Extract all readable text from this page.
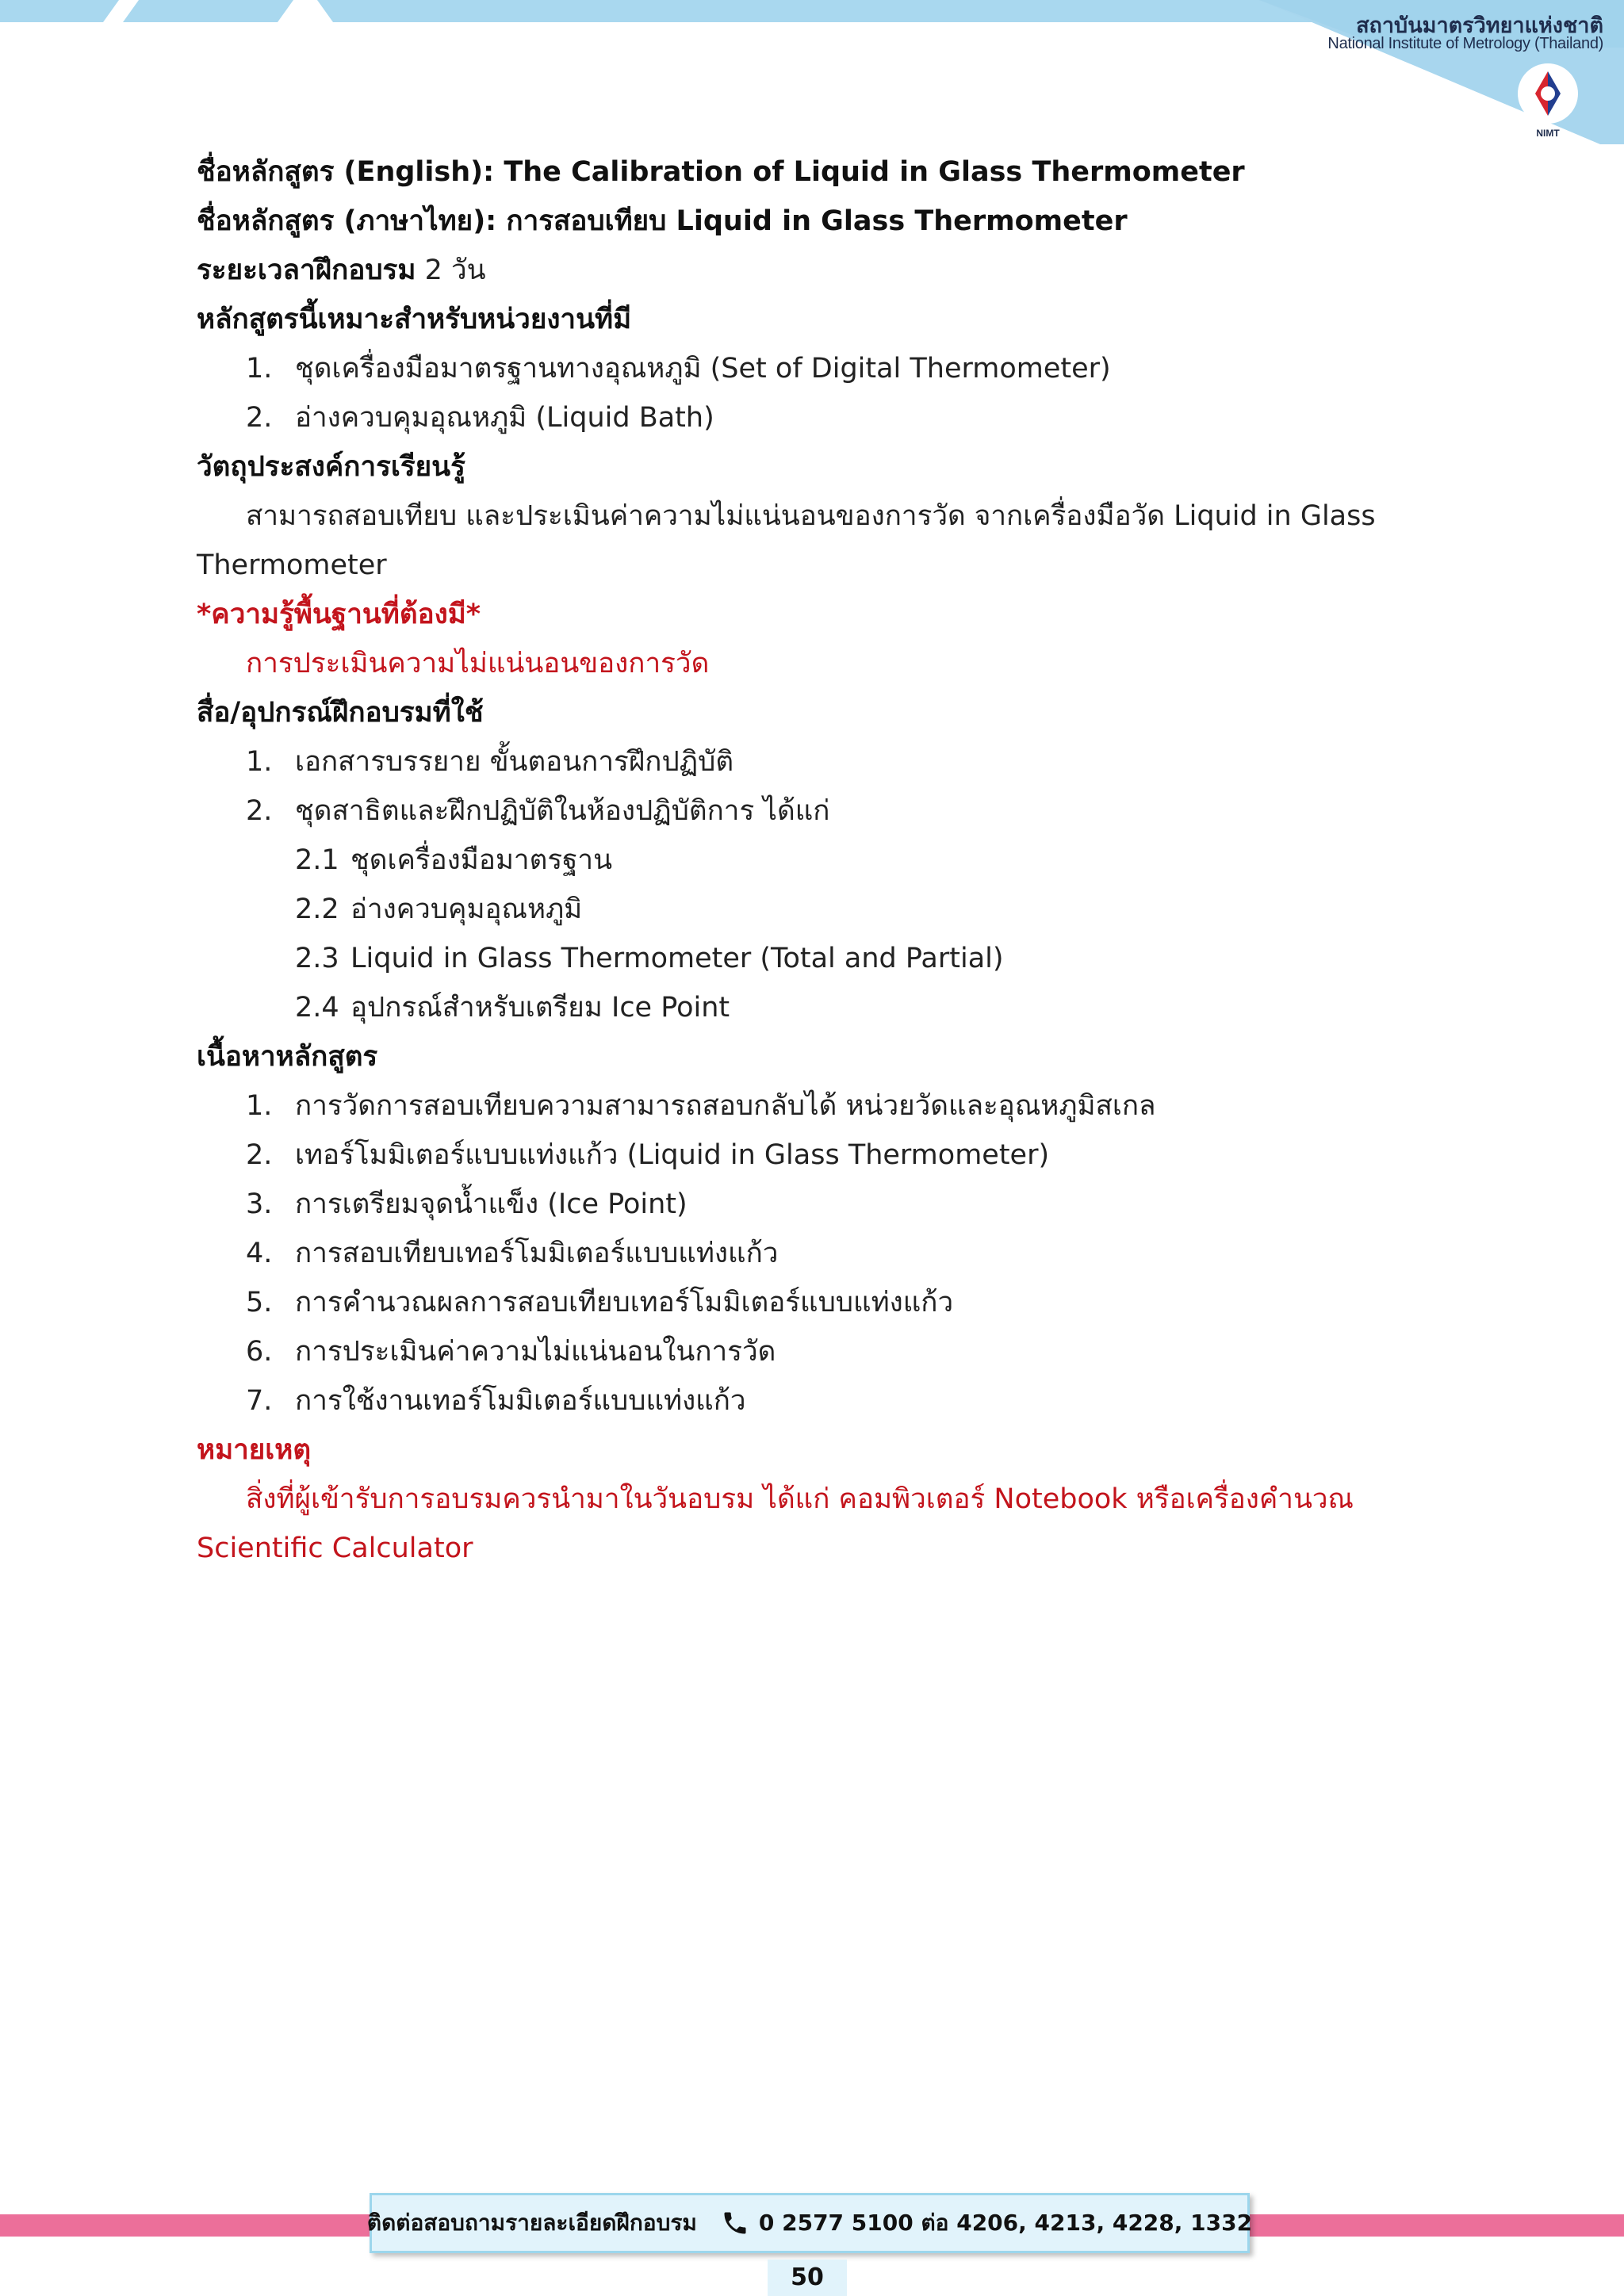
สถาบันมาตรวิทยาแห่งชาติ
National Institute of Metrology (Thailand)
NIMT
ชื่อหลักสูตร (English): The Calibration of Liquid in Glass Thermometer
ชื่อหลักสูตร (ภาษาไทย): การสอบเทียบ Liquid in Glass Thermometer
ระยะเวลาฝึกอบรม 2 วัน
หลักสูตรนี้เหมาะสำหรับหน่วยงานที่มี
1. ชุดเครื่องมือมาตรฐานทางอุณหภูมิ (Set of Digital Thermometer)
2. อ่างควบคุมอุณหภูมิ (Liquid Bath)
วัตถุประสงค์การเรียนรู้
สามารถสอบเทียบ และประเมินค่าความไม่แน่นอนของการวัด จากเครื่องมือวัด Liquid in Glass
Thermometer
*ความรู้พื้นฐานที่ต้องมี*
การประเมินความไม่แน่นอนของการวัด
สื่อ/อุปกรณ์ฝึกอบรมที่ใช้
1. เอกสารบรรยาย ขั้นตอนการฝึกปฏิบัติ
2. ชุดสาธิตและฝึกปฏิบัติในห้องปฏิบัติการ ได้แก่
2.1 ชุดเครื่องมือมาตรฐาน
2.2 อ่างควบคุมอุณหภูมิ
2.3 Liquid in Glass Thermometer (Total and Partial)
2.4 อุปกรณ์สำหรับเตรียม Ice Point
เนื้อหาหลักสูตร
1. การวัดการสอบเทียบความสามารถสอบกลับได้ หน่วยวัดและอุณหภูมิสเกล
2. เทอร์โมมิเตอร์แบบแท่งแก้ว (Liquid in Glass Thermometer)
3. การเตรียมจุดน้ำแข็ง (Ice Point)
4. การสอบเทียบเทอร์โมมิเตอร์แบบแท่งแก้ว
5. การคำนวณผลการสอบเทียบเทอร์โมมิเตอร์แบบแท่งแก้ว
6. การประเมินค่าความไม่แน่นอนในการวัด
7. การใช้งานเทอร์โมมิเตอร์แบบแท่งแก้ว
หมายเหตุ
สิ่งที่ผู้เข้ารับการอบรมควรนำมาในวันอบรม ได้แก่ คอมพิวเตอร์ Notebook หรือเครื่องคำนวณ
Scientific Calculator
ติดต่อสอบถามรายละเอียดฝึกอบรม	0 2577 5100 ต่อ 4206, 4213, 4228, 1332
50
